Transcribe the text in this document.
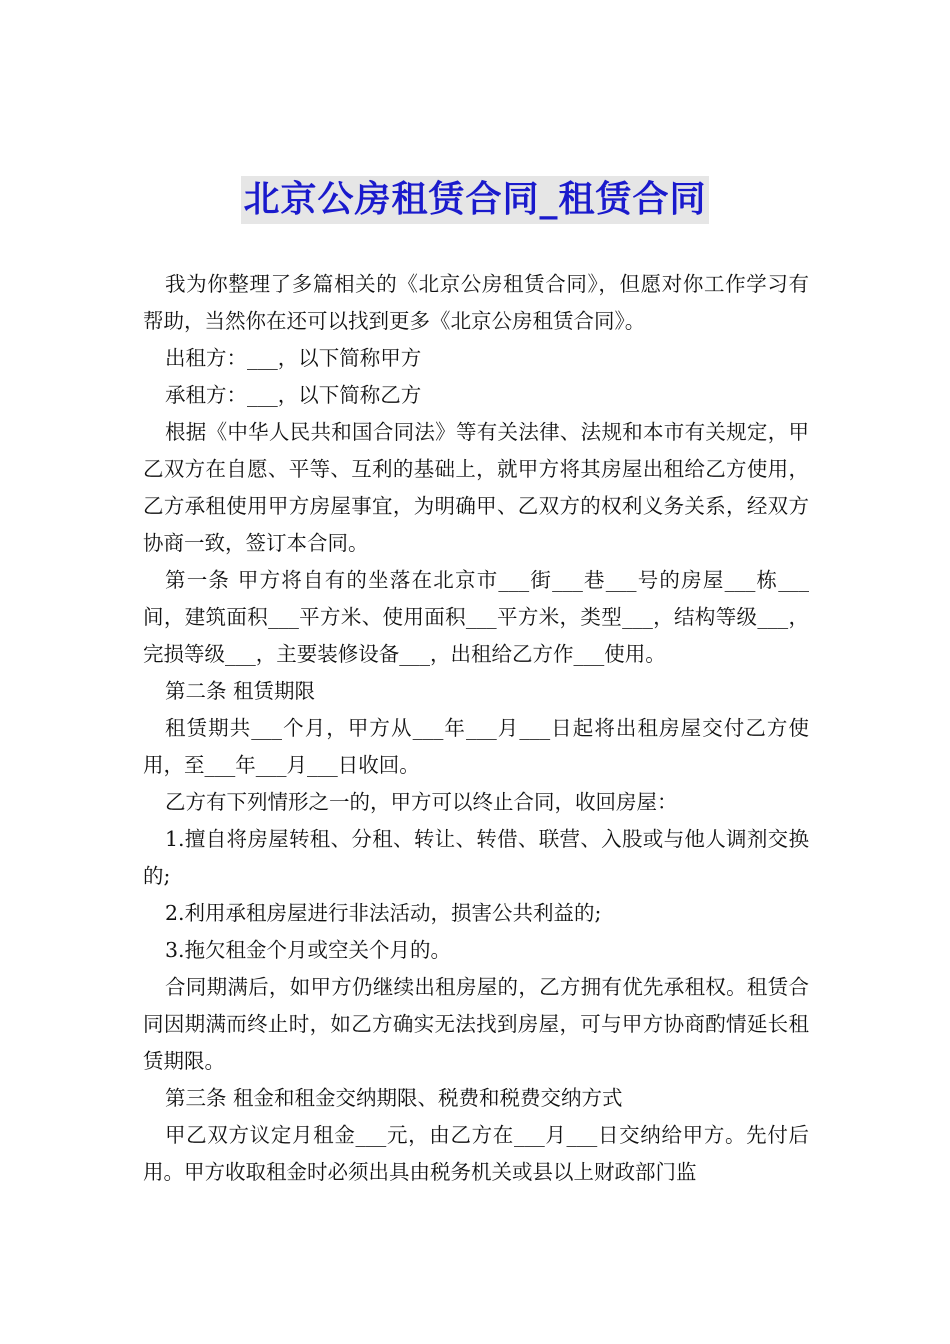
北京公房租赁合同_租赁合同

我为你整理了多篇相关的《北京公房租赁合同》，但愿对你工作学习有帮助，当然你在还可以找到更多《北京公房租赁合同》。

出租方：___，以下简称甲方

承租方：___，以下简称乙方

根据《中华人民共和国合同法》等有关法律、法规和本市有关规定，甲乙双方在自愿、平等、互利的基础上，就甲方将其房屋出租给乙方使用，乙方承租使用甲方房屋事宜，为明确甲、乙双方的权利义务关系，经双方协商一致，签订本合同。

第一条 甲方将自有的坐落在北京市___街___巷___号的房屋___栋___间，建筑面积___平方米、使用面积___平方米，类型___，结构等级___，完损等级___，主要装修设备___，出租给乙方作___使用。

第二条 租赁期限

租赁期共___个月，甲方从___年___月___日起将出租房屋交付乙方使用，至___年___月___日收回。

乙方有下列情形之一的，甲方可以终止合同，收回房屋：

1.擅自将房屋转租、分租、转让、转借、联营、入股或与他人调剂交换的;

2.利用承租房屋进行非法活动，损害公共利益的;

3.拖欠租金个月或空关个月的。

合同期满后，如甲方仍继续出租房屋的，乙方拥有优先承租权。租赁合同因期满而终止时，如乙方确实无法找到房屋，可与甲方协商酌情延长租赁期限。

第三条 租金和租金交纳期限、税费和税费交纳方式

甲乙双方议定月租金___元，由乙方在___月___日交纳给甲方。先付后用。甲方收取租金时必须出具由税务机关或县以上财政部门监
